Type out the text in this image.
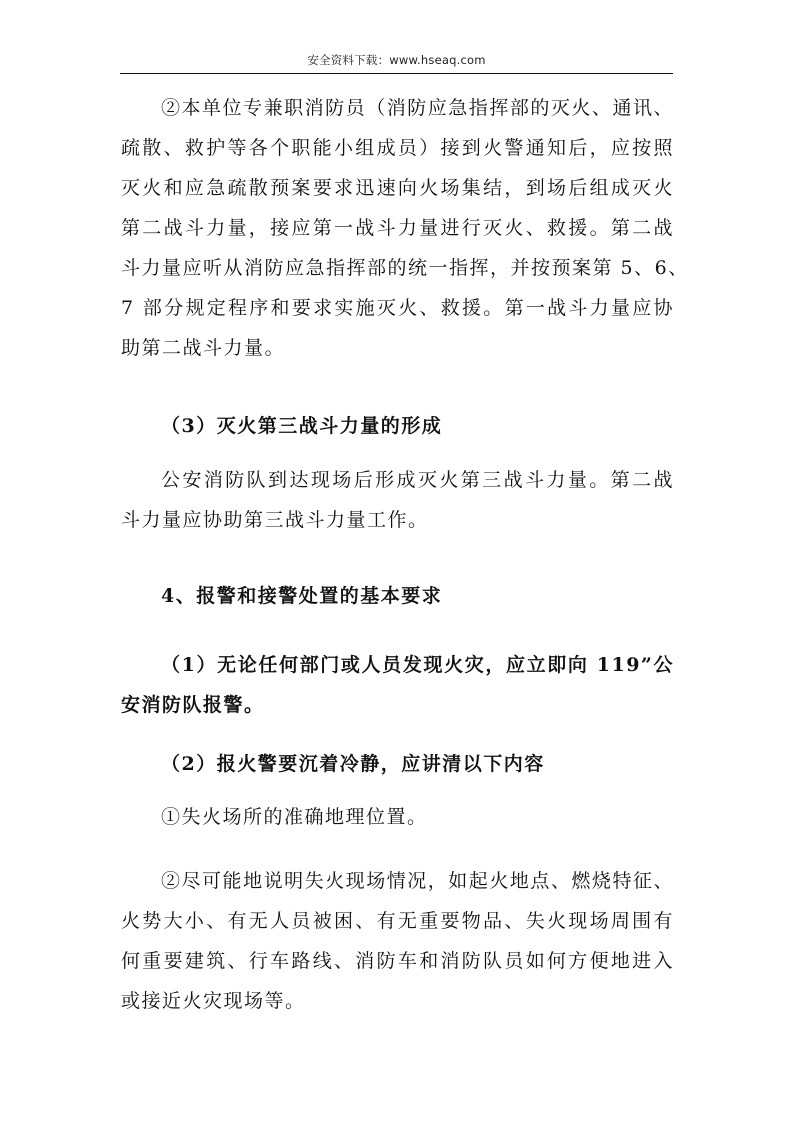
安全资料下载：www.hseaq.com
②本单位专兼职消防员（消防应急指挥部的灭火、通讯、
疏散、救护等各个职能小组成员）接到火警通知后，应按照
灭火和应急疏散预案要求迅速向火场集结，到场后组成灭火
第二战斗力量，接应第一战斗力量进行灭火、救援。第二战
斗力量应听从消防应急指挥部的统一指挥，并按预案第 5、6、
7 部分规定程序和要求实施灭火、救援。第一战斗力量应协
助第二战斗力量。
（3）灭火第三战斗力量的形成
公安消防队到达现场后形成灭火第三战斗力量。第二战
斗力量应协助第三战斗力量工作。
4、报警和接警处置的基本要求
（1）无论任何部门或人员发现火灾，应立即向 119”公
安消防队报警。
（2）报火警要沉着冷静，应讲清以下内容
①失火场所的准确地理位置。
②尽可能地说明失火现场情况，如起火地点、燃烧特征、
火势大小、有无人员被困、有无重要物品、失火现场周围有
何重要建筑、行车路线、消防车和消防队员如何方便地进入
或接近火灾现场等。
